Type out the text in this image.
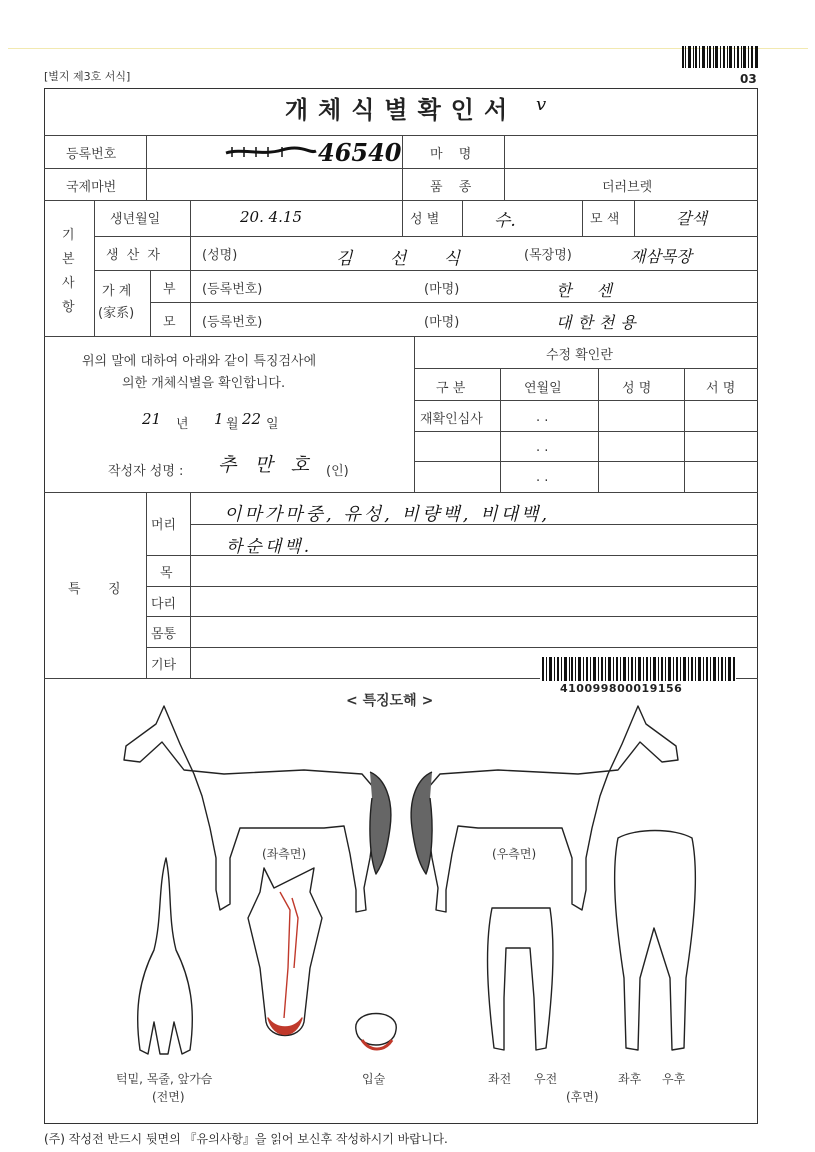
03
[별지 제3호 서식]
개체식별확인서	v
등록번호	46540 마 명
국제마번	품 종	더러브렛
기
본
사
항
생년월일	20. 4.15	성 별	수.	모 색	갈색
생 산 자	(성명)	김 선 식	(목장명)	재삼목장
가 계
(家系)
부 (등록번호)	(마명)	한 센
모 (등록번호)	(마명)	대한천용
위의 말에 대하여 아래와 같이 특징검사에
의한 개체식별을 확인합니다.
21 년 1 월 22 일
작성자 성명 : 추 만 호 (인)
수정 확인란
구 분	연월일	성 명	서 명
재확인심사	. .
. .
. .
특 징
머리
이마가마중, 유성, 비량백, 비대백,
하순대백.
목
다리
몸통
기타
410099800019156
< 특징도해 >
(좌측면)	(우측면)
턱밑, 목줄, 앞가슴
(전면)
입술	좌전 우전	좌후 우후
(후면)
(주) 작성전 반드시 뒷면의 『유의사항』을 읽어 보신후 작성하시기 바랍니다.
